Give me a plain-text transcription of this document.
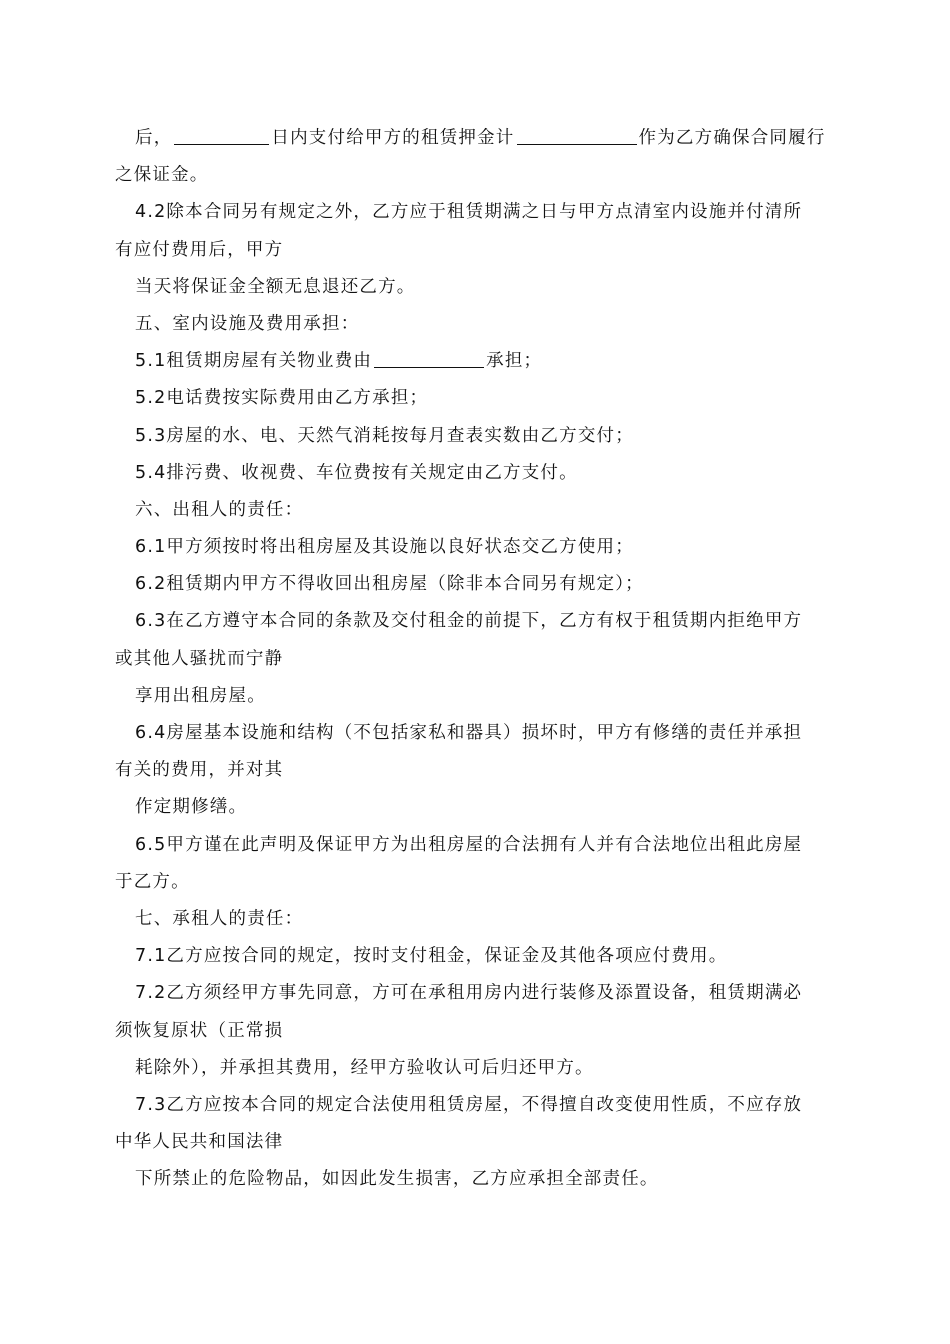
后，	日内支付给甲方的租赁押金计	作为乙方确保合同履行
之保证金。
4.2除本合同另有规定之外，乙方应于租赁期满之日与甲方点清室内设施并付清所
有应付费用后，甲方
当天将保证金全额无息退还乙方。
五、室内设施及费用承担：
5.1租赁期房屋有关物业费由	承担；
5.2电话费按实际费用由乙方承担；
5.3房屋的水、电、天然气消耗按每月查表实数由乙方交付；
5.4排污费、收视费、车位费按有关规定由乙方支付。
六、出租人的责任：
6.1甲方须按时将出租房屋及其设施以良好状态交乙方使用；
6.2租赁期内甲方不得收回出租房屋（除非本合同另有规定）；
6.3在乙方遵守本合同的条款及交付租金的前提下，乙方有权于租赁期内拒绝甲方
或其他人骚扰而宁静
享用出租房屋。
6.4房屋基本设施和结构（不包括家私和器具）损坏时，甲方有修缮的责任并承担
有关的费用，并对其
作定期修缮。
6.5甲方谨在此声明及保证甲方为出租房屋的合法拥有人并有合法地位出租此房屋
于乙方。
七、承租人的责任：
7.1乙方应按合同的规定，按时支付租金，保证金及其他各项应付费用。
7.2乙方须经甲方事先同意，方可在承租用房内进行装修及添置设备，租赁期满必
须恢复原状（正常损
耗除外），并承担其费用，经甲方验收认可后归还甲方。
7.3乙方应按本合同的规定合法使用租赁房屋，不得擅自改变使用性质，不应存放
中华人民共和国法律
下所禁止的危险物品，如因此发生损害，乙方应承担全部责任。
